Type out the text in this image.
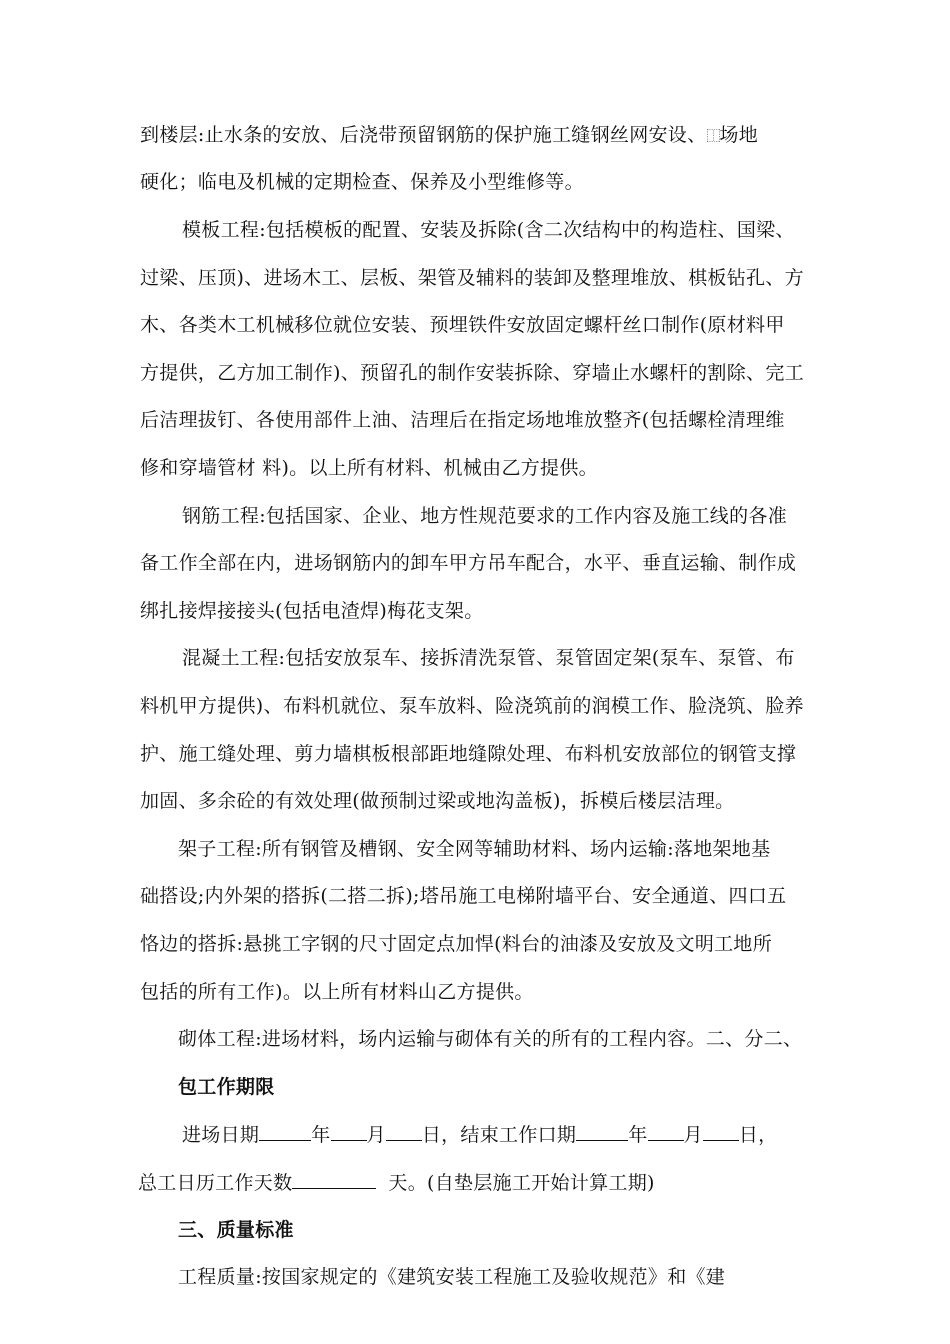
到楼层:止水条的安放、后浇带预留钢筋的保护施工缝钢丝网安设、⿰场地
硬化；临电及机械的定期检查、保养及小型维修等。
模板工程:包括模板的配置、安装及拆除(含二次结构中的构造柱、国梁、
过梁、压顶)、进场木工、层板、架管及辅料的装卸及整理堆放、棋板钻孔、方
木、各类木工机械移位就位安装、预埋铁件安放固定螺杆丝口制作(原材料甲
方提供，乙方加工制作)、预留孔的制作安装拆除、穿墙止水螺杆的割除、完工
后洁理拔钉、各使用部件上油、洁理后在指定场地堆放整齐(包括螺栓清理维
修和穿墙管材 料)。以上所有材料、机械由乙方提供。
钢筋工程:包括国家、企业、地方性规范要求的工作内容及施工线的各准
备工作全部在内，进场钢筋内的卸车甲方吊车配合，水平、垂直运输、制作成
绑扎接焊接接头(包括电渣焊)梅花支架。
混凝土工程:包括安放泵车、接拆清洗泵管、泵管固定架(泵车、泵管、布
料机甲方提供)、布料机就位、泵车放料、险浇筑前的润模工作、脸浇筑、脸养
护、施工缝处理、剪力墙棋板根部距地缝隙处理、布料机安放部位的钢管支撑
加固、多余砼的有效处理(做预制过梁或地沟盖板)，拆模后楼层洁理。
架子工程:所有钢管及槽钢、安全网等辅助材料、场内运输:落地架地基
础搭设;内外架的搭拆(二搭二拆);塔吊施工电梯附墙平台、安全通道、四口五
恪边的搭拆:悬挑工字钢的尺寸固定点加悍(料台的油漆及安放及文明工地所
包括的所有工作)。以上所有材料山乙方提供。
砌体工程:进场材料，场内运输与砌体有关的所有的工程内容。二、分二、
包工作期限
进场日期	年 月 日，结束工作口期	年 月 日，
总工日历工作天数	天。(自垫层施工开始计算工期)
三、质量标准
工程质量:按国家规定的《建筑安装工程施工及验收规范》和《建
